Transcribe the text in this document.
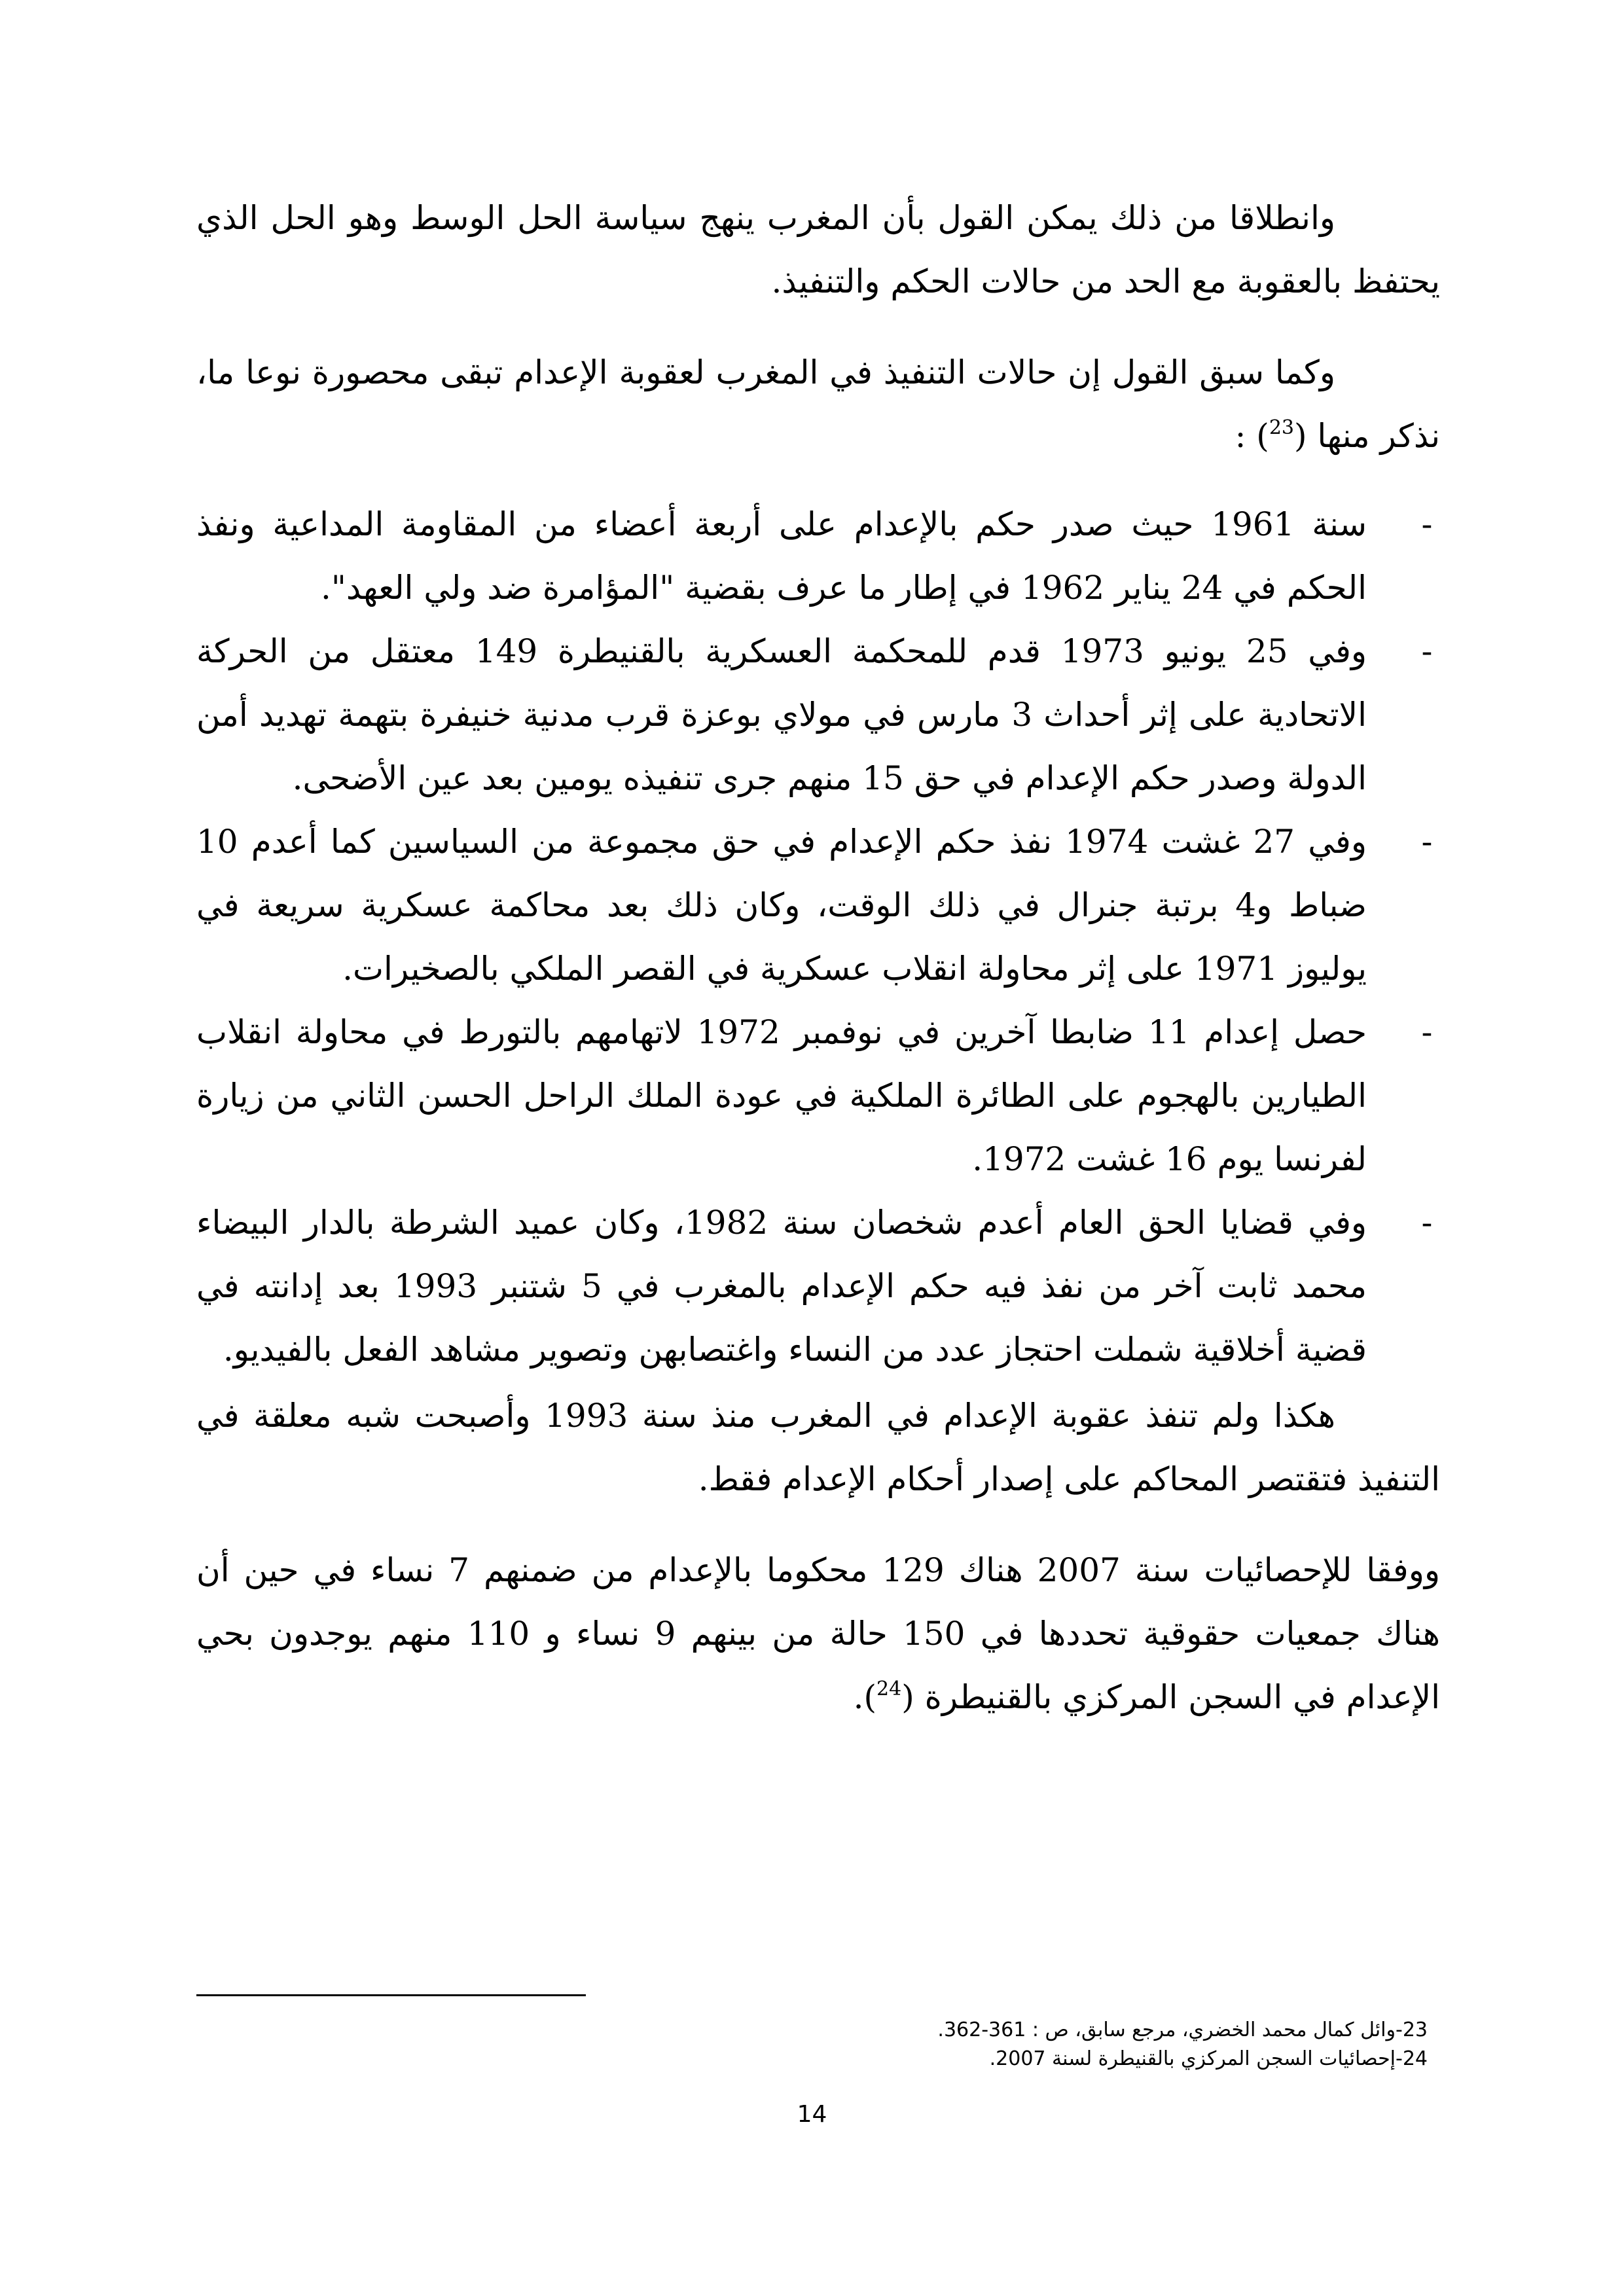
وانطلاقا من ذلك يمكن القول بأن المغرب ينهج سياسة الحل الوسط وهو الحل الذي يحتفظ بالعقوبة مع الحد من حالات الحكم والتنفيذ.

وكما سبق القول إن حالات التنفيذ في المغرب لعقوبة الإعدام تبقى محصورة نوعا ما، نذكر منها ($^{23}$) :

-
سنة 1961 حيث صدر حكم بالإعدام على أربعة أعضاء من المقاومة المداعية ونفذ الحكم في 24 يناير 1962 في إطار ما عرف بقضية "المؤامرة ضد ولي العهد".
-
وفي 25 يونيو 1973 قدم للمحكمة العسكرية بالقنيطرة 149 معتقل من الحركة الاتحادية على إثر أحداث 3 مارس في مولاي بوعزة قرب مدنية خنيفرة بتهمة تهديد أمن الدولة وصدر حكم الإعدام في حق 15 منهم جرى تنفيذه يومين بعد عين الأضحى.
-
وفي 27 غشت 1974 نفذ حكم الإعدام في حق مجموعة من السياسين كما أعدم 10 ضباط و4 برتبة جنرال في ذلك الوقت، وكان ذلك بعد محاكمة عسكرية سريعة في يوليوز 1971 على إثر محاولة انقلاب عسكرية في القصر الملكي بالصخيرات.
-
حصل إعدام 11 ضابطا آخرين في نوفمبر 1972 لاتهامهم بالتورط في محاولة انقلاب الطيارين بالهجوم على الطائرة الملكية في عودة الملك الراحل الحسن الثاني من زيارة لفرنسا يوم 16 غشت 1972.
-
وفي قضايا الحق العام أعدم شخصان سنة 1982، وكان عميد الشرطة بالدار البيضاء محمد ثابت آخر من نفذ فيه حكم الإعدام بالمغرب في 5 شتنبر 1993 بعد إدانته في قضية أخلاقية شملت احتجاز عدد من النساء واغتصابهن وتصوير مشاهد الفعل بالفيديو.

هكذا ولم تنفذ عقوبة الإعدام في المغرب منذ سنة 1993 وأصبحت شبه معلقة في التنفيذ فتقتصر المحاكم على إصدار أحكام الإعدام فقط.

ووفقا للإحصائيات سنة 2007 هناك 129 محكوما بالإعدام من ضمنهم 7 نساء في حين أن هناك جمعيات حقوقية تحددها في 150 حالة من بينهم 9 نساء و 110 منهم يوجدون بحي الإعدام في السجن المركزي بالقنيطرة ($^{24}$).

23-وائل كمال محمد الخضري، مرجع سابق، ص : 361-362.

24-إحصائيات السجن المركزي بالقنيطرة لسنة 2007.

14
